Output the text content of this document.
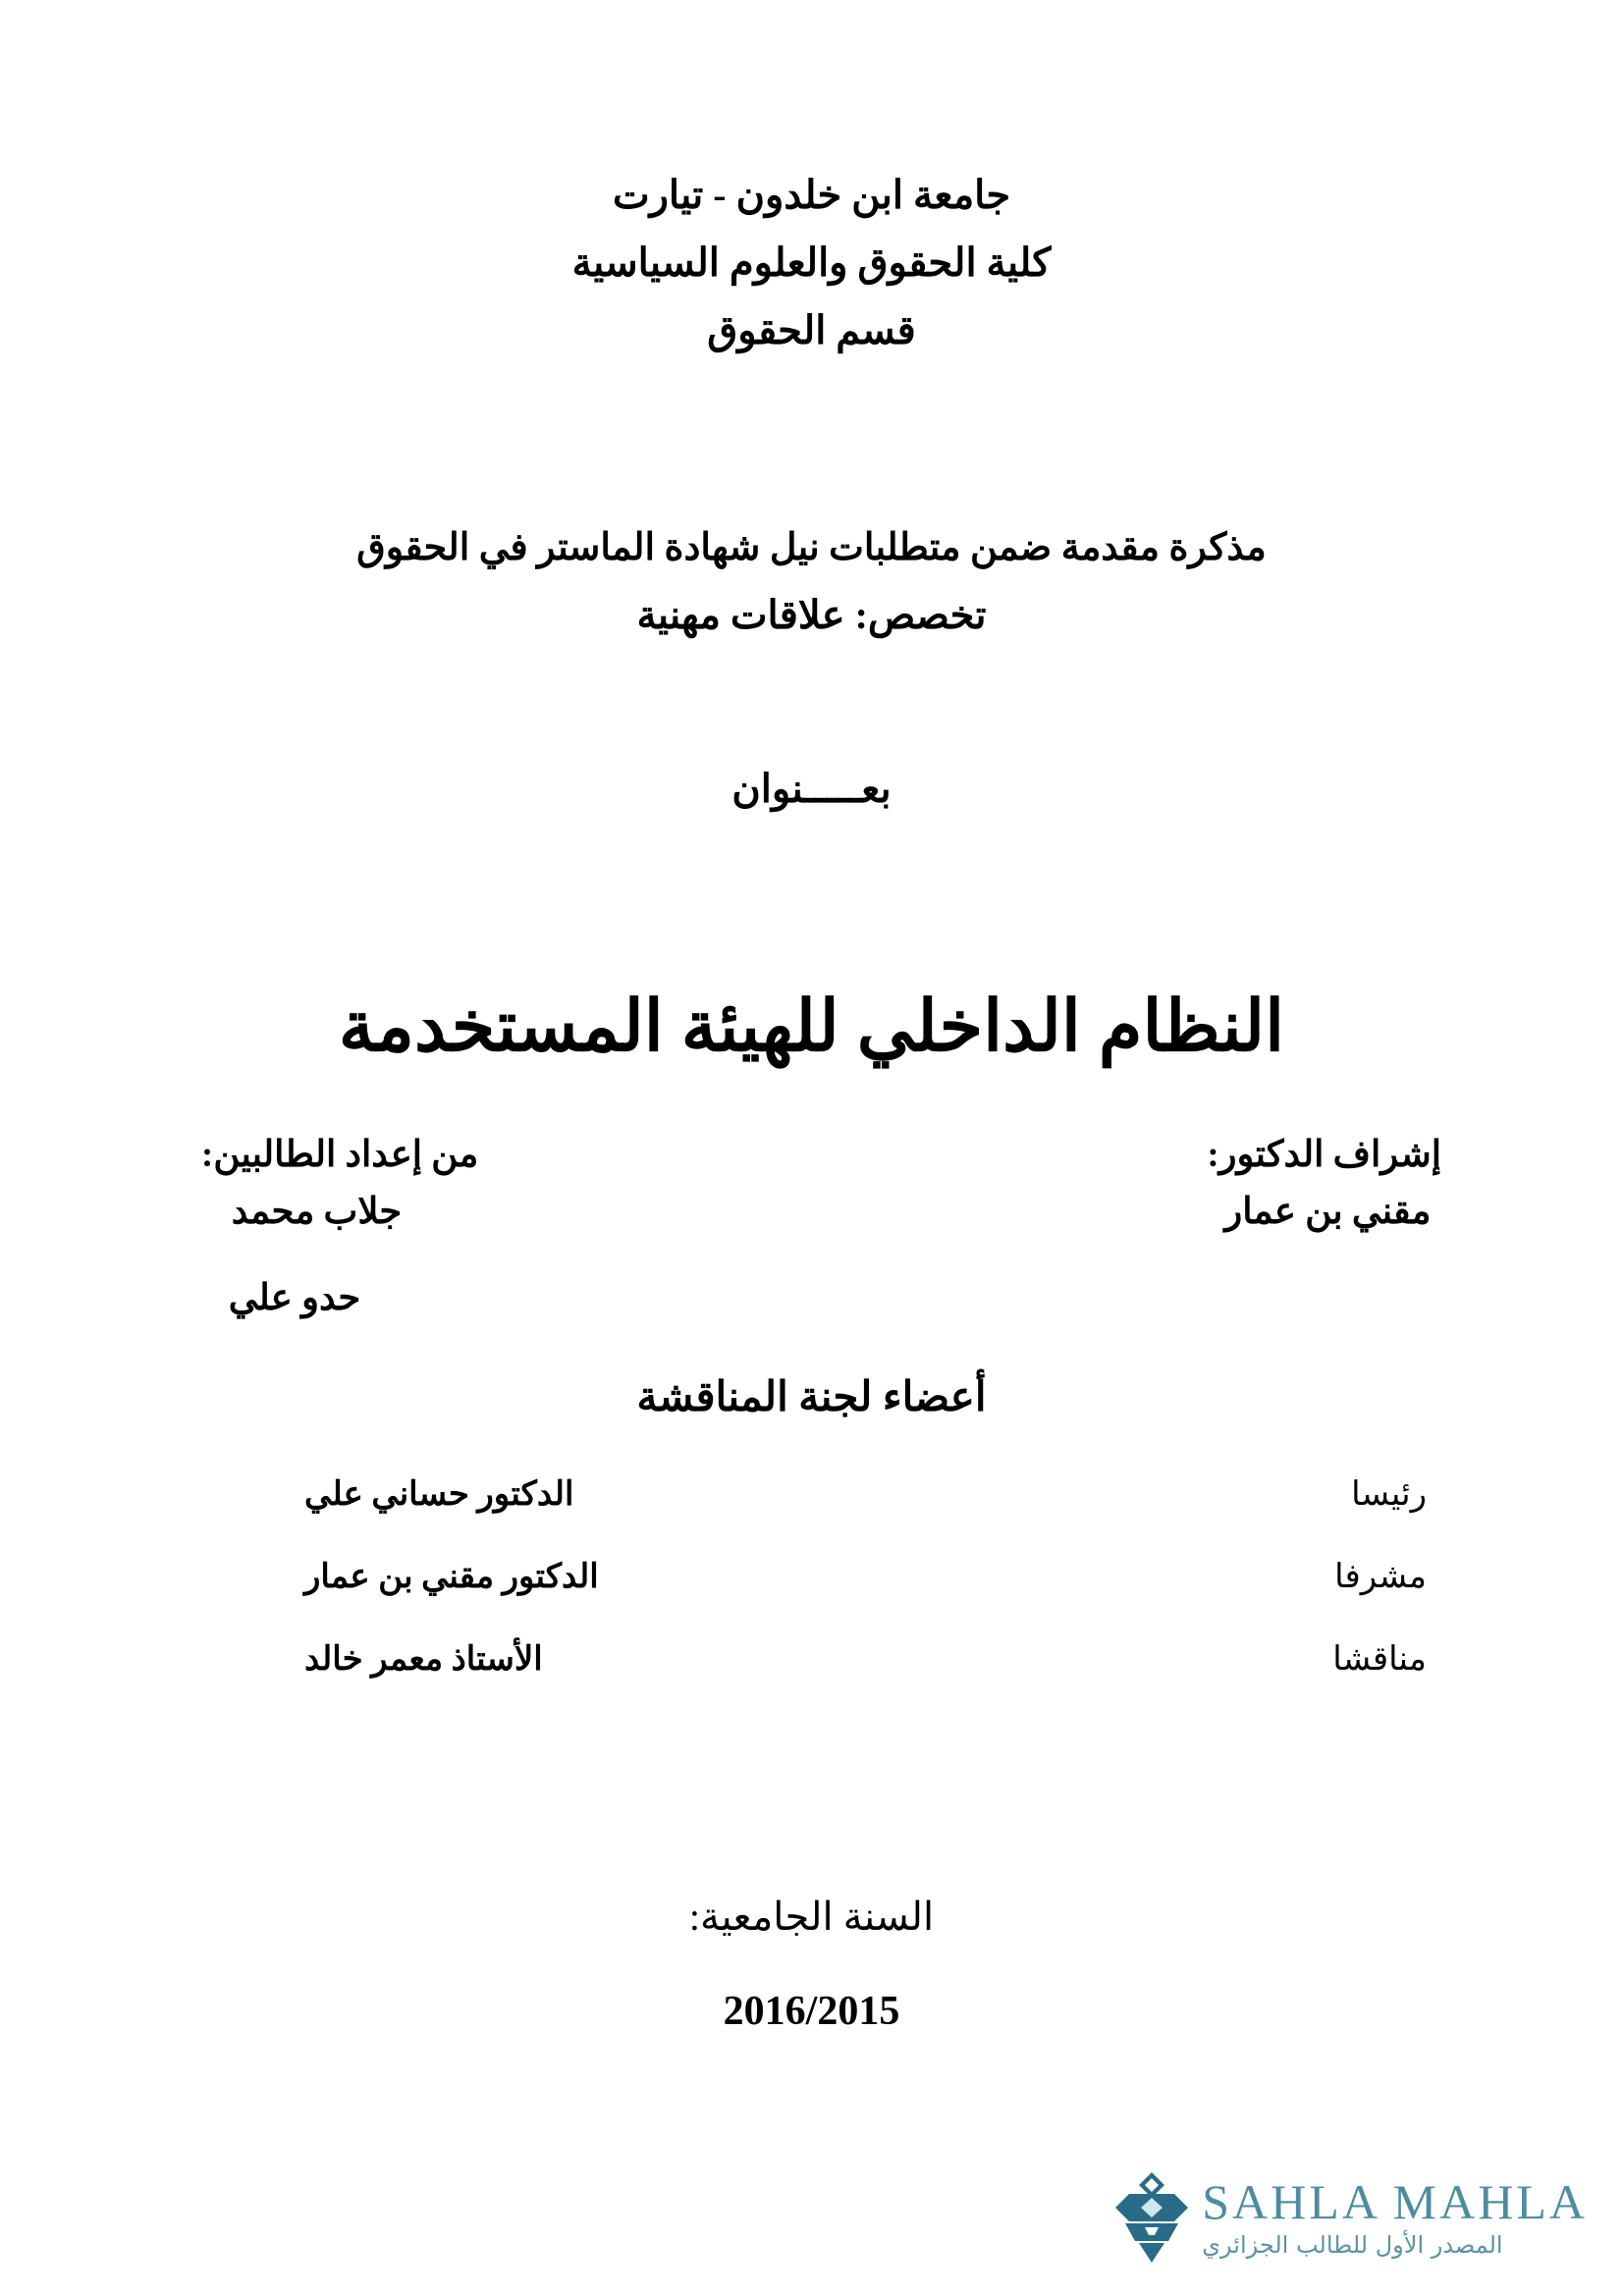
جامعة ابن خلدون - تيارت
كلية الحقوق والعلوم السياسية
قسم الحقوق
مذكرة مقدمة ضمن متطلبات نيل شهادة الماستر في الحقوق
تخصص: علاقات مهنية
بعـــــنوان
النظام الداخلي للهيئة المستخدمة
من إعداد الطالبين:
جلاب محمد
حدو علي
إشراف الدكتور:
مقني بن عمار
أعضاء لجنة المناقشة
الدكتور حساني علي	رئيسا
الدكتور مقني بن عمار	مشرفا
الأستاذ معمر خالد	مناقشا
السنة الجامعية:
2016/2015
SAHLA MAHLA
المصدر الأول للطالب الجزائري
